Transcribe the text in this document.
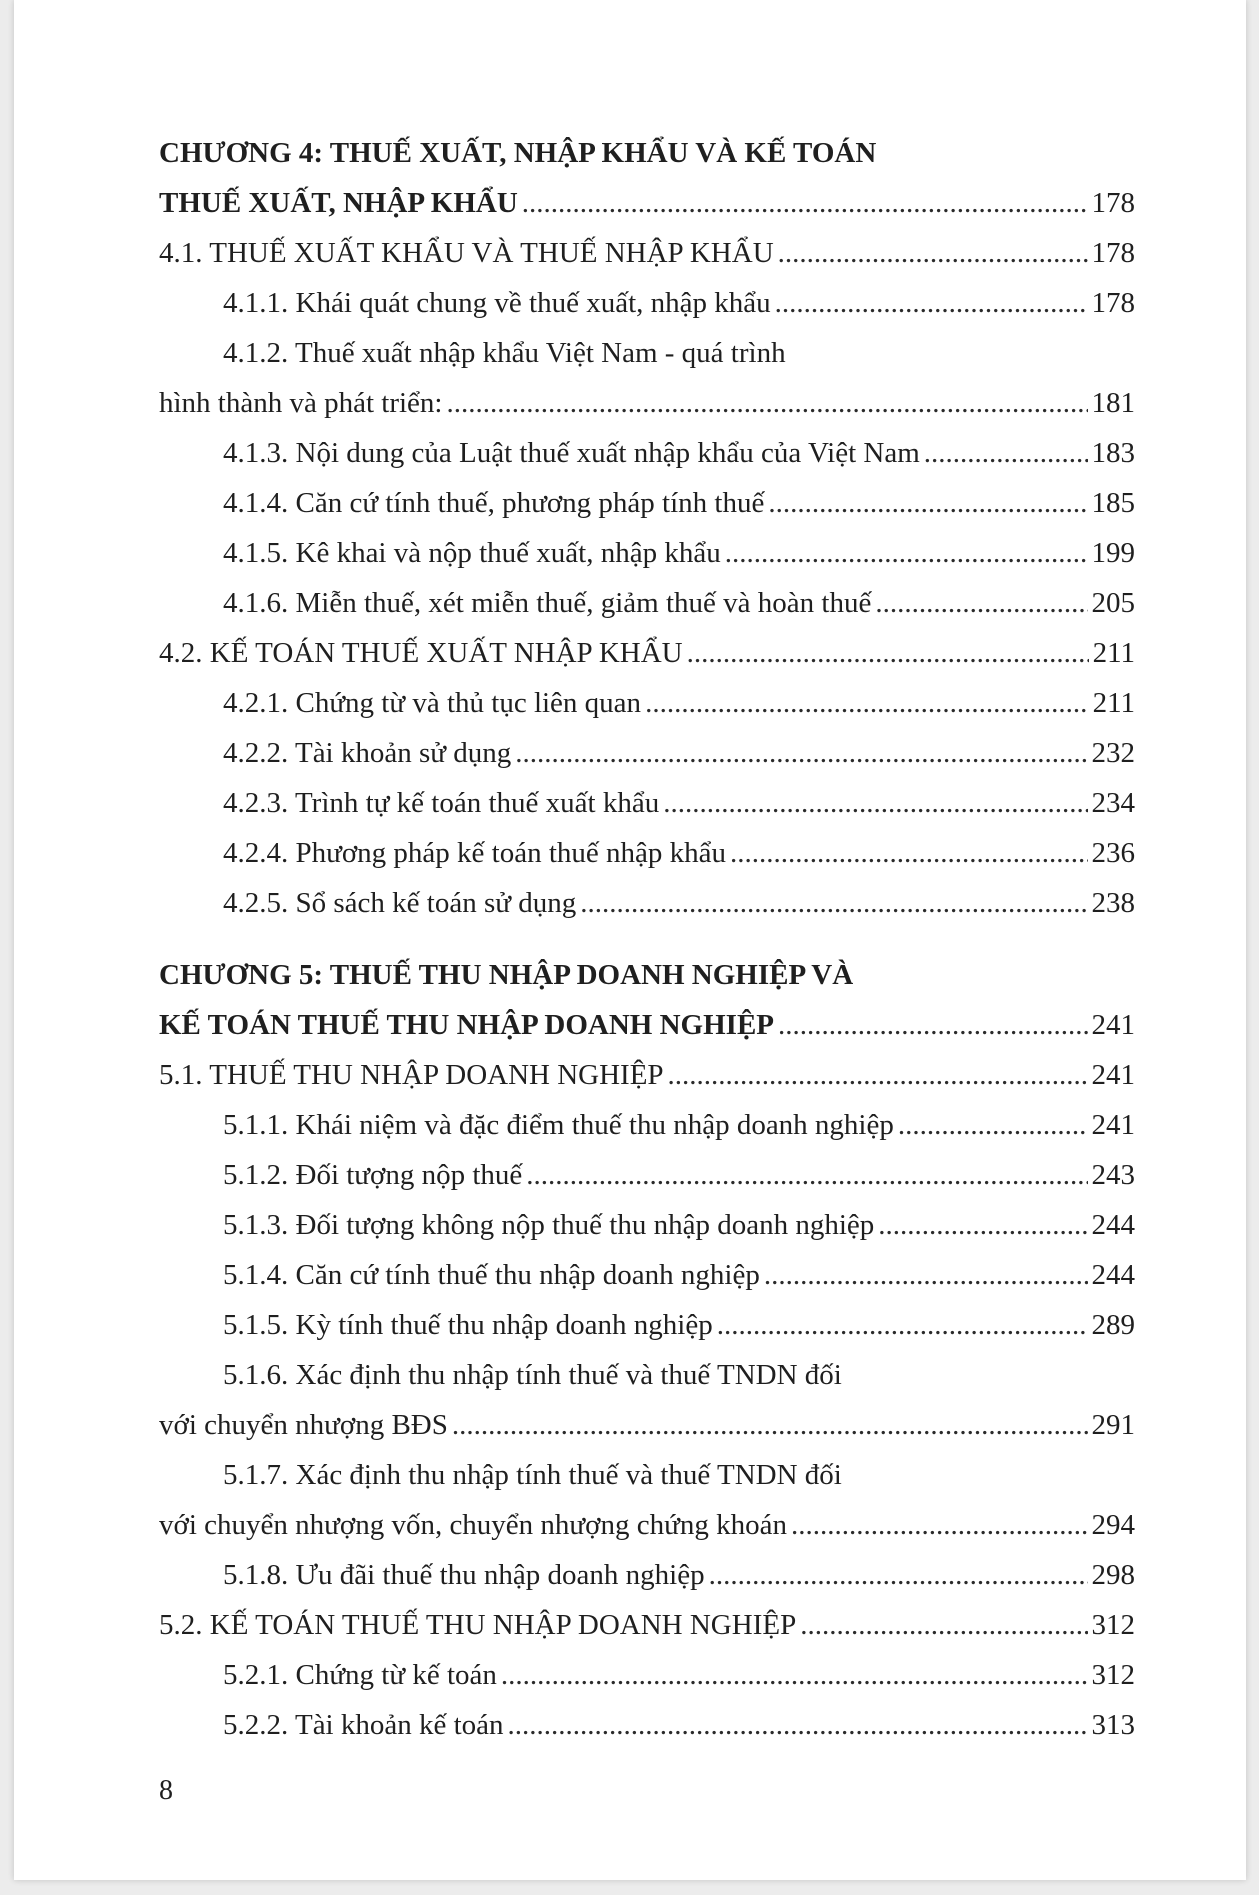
CHƯƠNG 4: THUẾ XUẤT, NHẬP KHẨU VÀ KẾ TOÁN
THUẾ XUẤT, NHẬP KHẨU .....	178
4.1. THUẾ XUẤT KHẨU VÀ THUẾ NHẬP KHẨU .....	178
4.1.1. Khái quát chung về thuế xuất, nhập khẩu .....	178
4.1.2. Thuế xuất nhập khẩu Việt Nam - quá trình
hình thành và phát triển: .....	181
4.1.3. Nội dung của Luật thuế xuất nhập khẩu của Việt Nam .....	183
4.1.4. Căn cứ tính thuế, phương pháp tính thuế .....	185
4.1.5. Kê khai và nộp thuế xuất, nhập khẩu .....	199
4.1.6. Miễn thuế, xét miễn thuế, giảm thuế và hoàn thuế .....	205
4.2. KẾ TOÁN THUẾ XUẤT NHẬP KHẨU .....	211
4.2.1. Chứng từ và thủ tục liên quan .....	211
4.2.2. Tài khoản sử dụng .....	232
4.2.3. Trình tự kế toán thuế xuất khẩu .....	234
4.2.4. Phương pháp kế toán thuế nhập khẩu .....	236
4.2.5. Sổ sách kế toán sử dụng .....	238
CHƯƠNG 5: THUẾ THU NHẬP DOANH NGHIỆP VÀ
KẾ TOÁN THUẾ THU NHẬP DOANH NGHIỆP .....	241
5.1. THUẾ THU NHẬP DOANH NGHIỆP .....	241
5.1.1. Khái niệm và đặc điểm thuế thu nhập doanh nghiệp .....	241
5.1.2. Đối tượng nộp thuế .....	243
5.1.3. Đối tượng không nộp thuế thu nhập doanh nghiệp .....	244
5.1.4. Căn cứ tính thuế thu nhập doanh nghiệp .....	244
5.1.5. Kỳ tính thuế thu nhập doanh nghiệp .....	289
5.1.6. Xác định thu nhập tính thuế và thuế TNDN đối
với chuyển nhượng BĐS .....	291
5.1.7. Xác định thu nhập tính thuế và thuế TNDN đối
với chuyển nhượng vốn, chuyển nhượng chứng khoán .....	294
5.1.8. Ưu đãi thuế thu nhập doanh nghiệp .....	298
5.2. KẾ TOÁN THUẾ THU NHẬP DOANH NGHIỆP .....	312
5.2.1. Chứng từ kế toán .....	312
5.2.2. Tài khoản kế toán .....	313
8
